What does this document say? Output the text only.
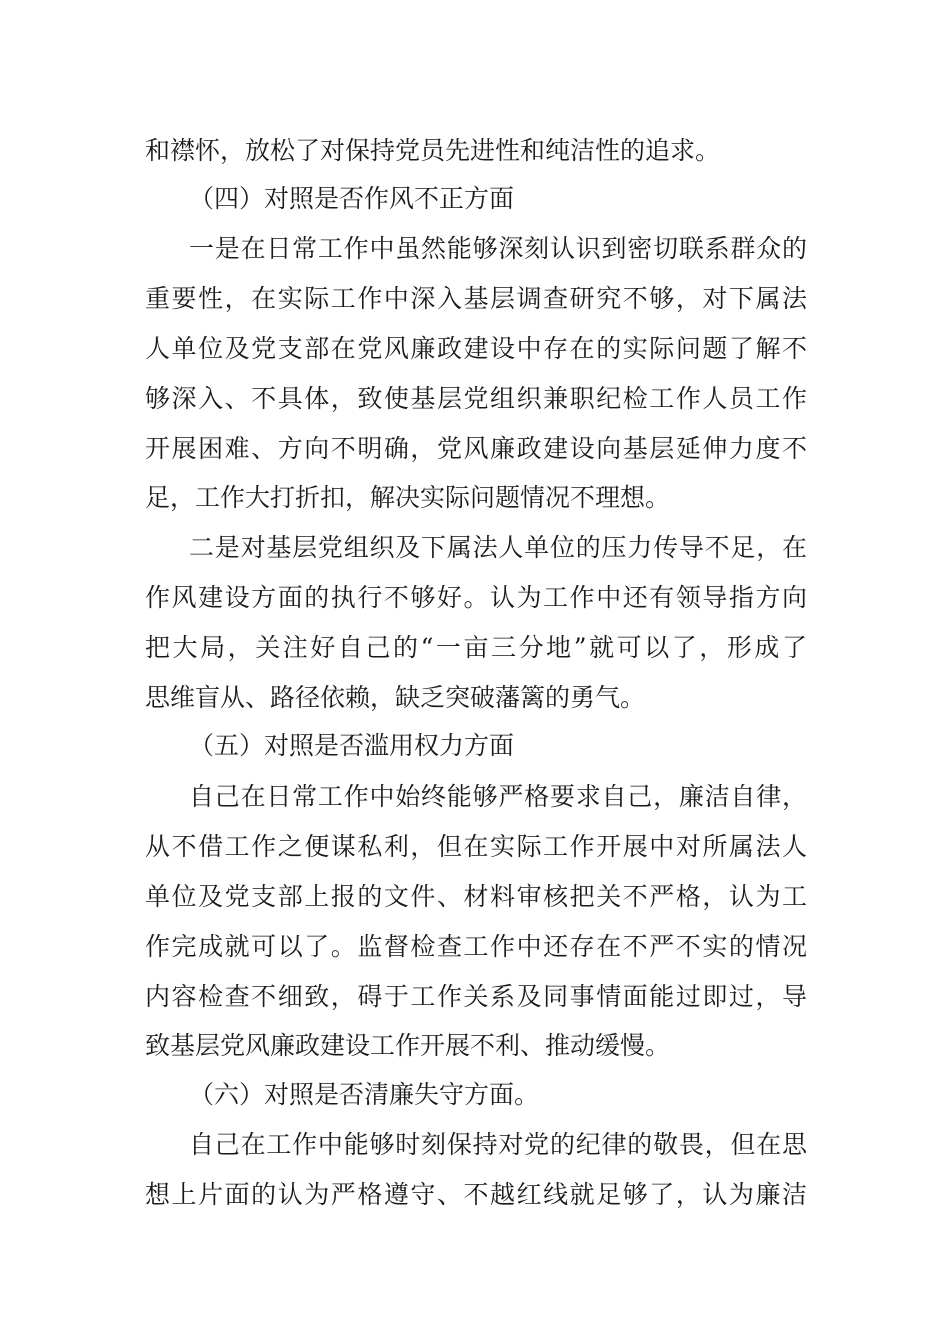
和襟怀，放松了对保持党员先进性和纯洁性的追求。
（四）对照是否作风不正方面
一是在日常工作中虽然能够深刻认识到密切联系群众的
重要性，在实际工作中深入基层调查研究不够，对下属法
人单位及党支部在党风廉政建设中存在的实际问题了解不
够深入、不具体，致使基层党组织兼职纪检工作人员工作
开展困难、方向不明确，党风廉政建设向基层延伸力度不
足，工作大打折扣，解决实际问题情况不理想。
二是对基层党组织及下属法人单位的压力传导不足，在
作风建设方面的执行不够好。认为工作中还有领导指方向
把大局，关注好自己的“一亩三分地”就可以了，形成了
思维盲从、路径依赖，缺乏突破藩篱的勇气。
（五）对照是否滥用权力方面
自己在日常工作中始终能够严格要求自己，廉洁自律，
从不借工作之便谋私利，但在实际工作开展中对所属法人
单位及党支部上报的文件、材料审核把关不严格，认为工
作完成就可以了。监督检查工作中还存在不严不实的情况
内容检查不细致，碍于工作关系及同事情面能过即过，导
致基层党风廉政建设工作开展不利、推动缓慢。
（六）对照是否清廉失守方面。
自己在工作中能够时刻保持对党的纪律的敬畏，但在思
想上片面的认为严格遵守、不越红线就足够了，认为廉洁
